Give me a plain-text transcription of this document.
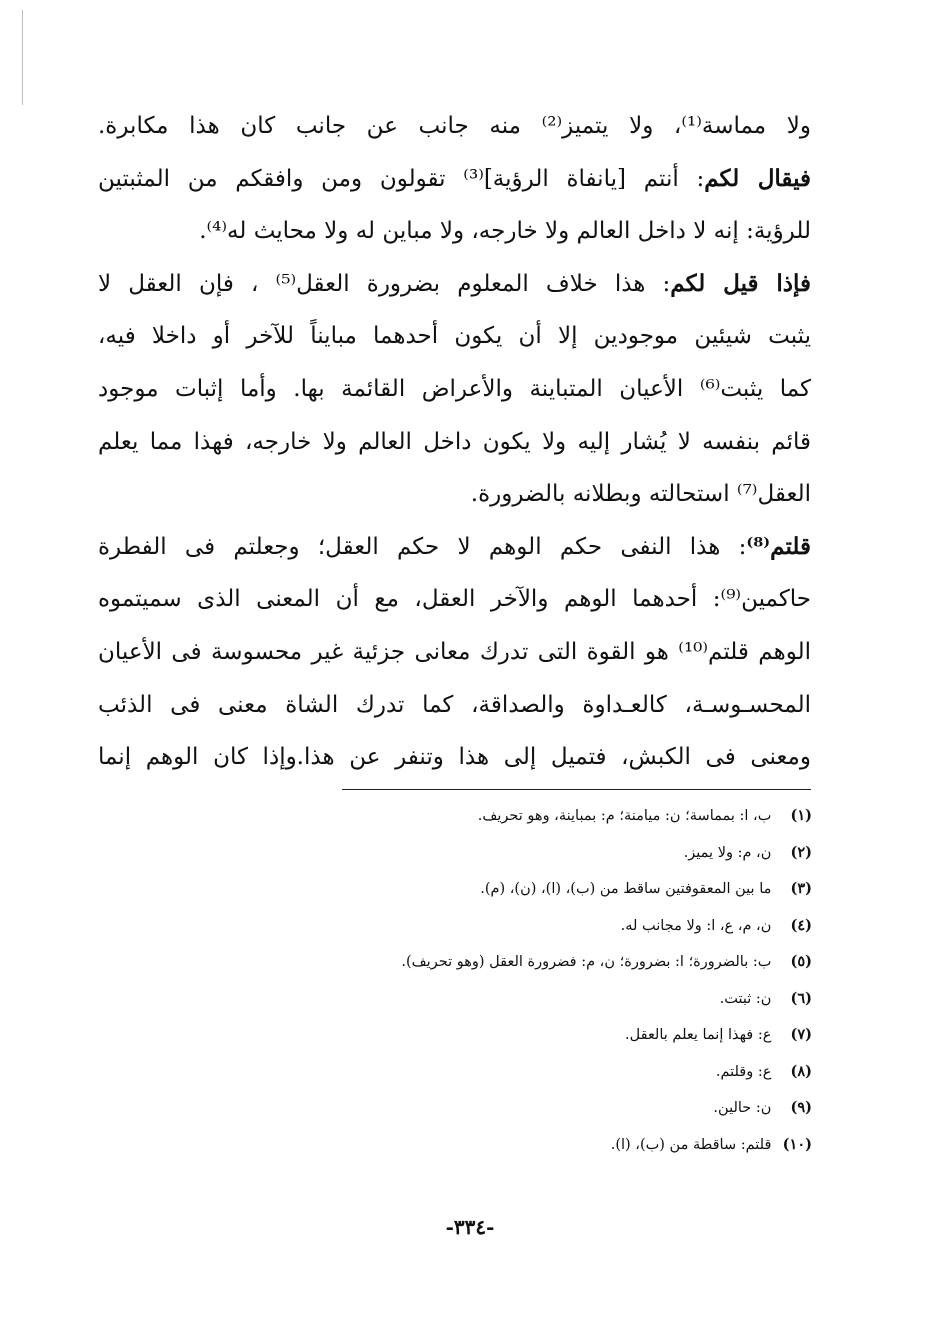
ولا مماسة⁽¹⁾، ولا يتميز⁽²⁾ منه جانب عن جانب كان هذا مكابرة.
فيقال لكم: أنتم [يانفاة الرؤية]⁽³⁾ تقولون ومن وافقكم من المثبتين
للرؤية: إنه لا داخل العالم ولا خارجه، ولا مباين له ولا محايث له⁽⁴⁾.
فإذا قيل لكم: هذا خلاف المعلوم بضرورة العقل⁽⁵⁾ ، فإن العقل لا
يثبت شيئين موجودين إلا أن يكون أحدهما مبايناً للآخر أو داخلا فيه،
كما يثبت⁽⁶⁾ الأعيان المتباينة والأعراض القائمة بها. وأما إثبات موجود
قائم بنفسه لا يُشار إليه ولا يكون داخل العالم ولا خارجه، فهذا مما يعلم
العقل⁽⁷⁾ استحالته وبطلانه بالضرورة.
قلتم⁽⁸⁾: هذا النفى حكم الوهم لا حكم العقل؛ وجعلتم فى الفطرة
حاكمين⁽⁹⁾: أحدهما الوهم والآخر العقل، مع أن المعنى الذى سميتموه
الوهم قلتم⁽¹⁰⁾ هو القوة التى تدرك معانى جزئية غير محسوسة فى الأعيان
المحسـوسـة، كالعـداوة والصداقة، كما تدرك الشاة معنى فى الذئب
ومعنى فى الكبش، فتميل إلى هذا وتنفر عن هذا.وإذا كان الوهم إنما
(١) ب، ا: بمماسة؛ ن: ميامنة؛ م: بمباينة، وهو تحريف.
(٢) ن، م: ولا يميز.
(٣) ما بين المعقوفتين ساقط من (ب)، (ا)، (ن)، (م).
(٤) ن، م، ع، ا: ولا مجانب له.
(٥) ب: بالضرورة؛ ا: بضرورة؛ ن، م: فضرورة العقل (وهو تحريف).
(٦) ن: ثبتت.
(٧) ع: فهذا إنما يعلم بالعقل.
(٨) ع: وقلتم.
(٩) ن: حالين.
(١٠) قلتم: ساقطة من (ب)، (ا).
-٣٣٤-
